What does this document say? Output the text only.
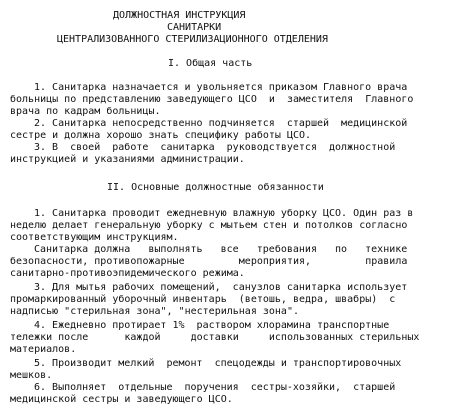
ДОЛЖНОСТНАЯ ИНСТРУКЦИЯ
САНИТАРКИ
ЦЕНТРАЛИЗОВАННОГО СТЕРИЛИЗАЦИОННОГО ОТДЕЛЕНИЯ
I. Общая часть
1. Санитарка назначается и увольняется приказом Главного врача
больницы по представлению заведующего ЦСО  и  заместителя  Главного
врача по кадрам больницы.
2. Санитарка непосредственно подчиняется  старшей  медицинской
сестре и должна хорошо знать специфику работы ЦСО.
3. В  своей  работе  санитарка  руководствуется  должностной
инструкцией и указаниями администрации.
II. Основные должностные обязанности
1. Санитарка проводит ежедневную влажную уборку ЦСО. Один раз в
неделю делает генеральную уборку с мытьем стен и потолков согласно
соответствующим инструкциям.
Санитарка должна   выполнять   все   требования   по   технике
безопасности, противопожарные         мероприятия,         правила
санитарно-противоэпидемического режима.
3. Для мытья рабочих помещений,  санузлов санитарка использует
промаркированный уборочный инвентарь  (ветошь, ведра, швабры)  с
надписью "стерильная зона", "нестерильная зона".
4. Ежедневно протирает 1%  раствором хлорамина транспортные
тележки после      каждой     доставки     использованных стерильных
материалов.
5. Производит мелкий  ремонт  спецодежды и транспортировочных
мешков.
6. Выполняет  отдельные  поручения  сестры-хозяйки,  старшей
медицинской сестры и заведующего ЦСО.
